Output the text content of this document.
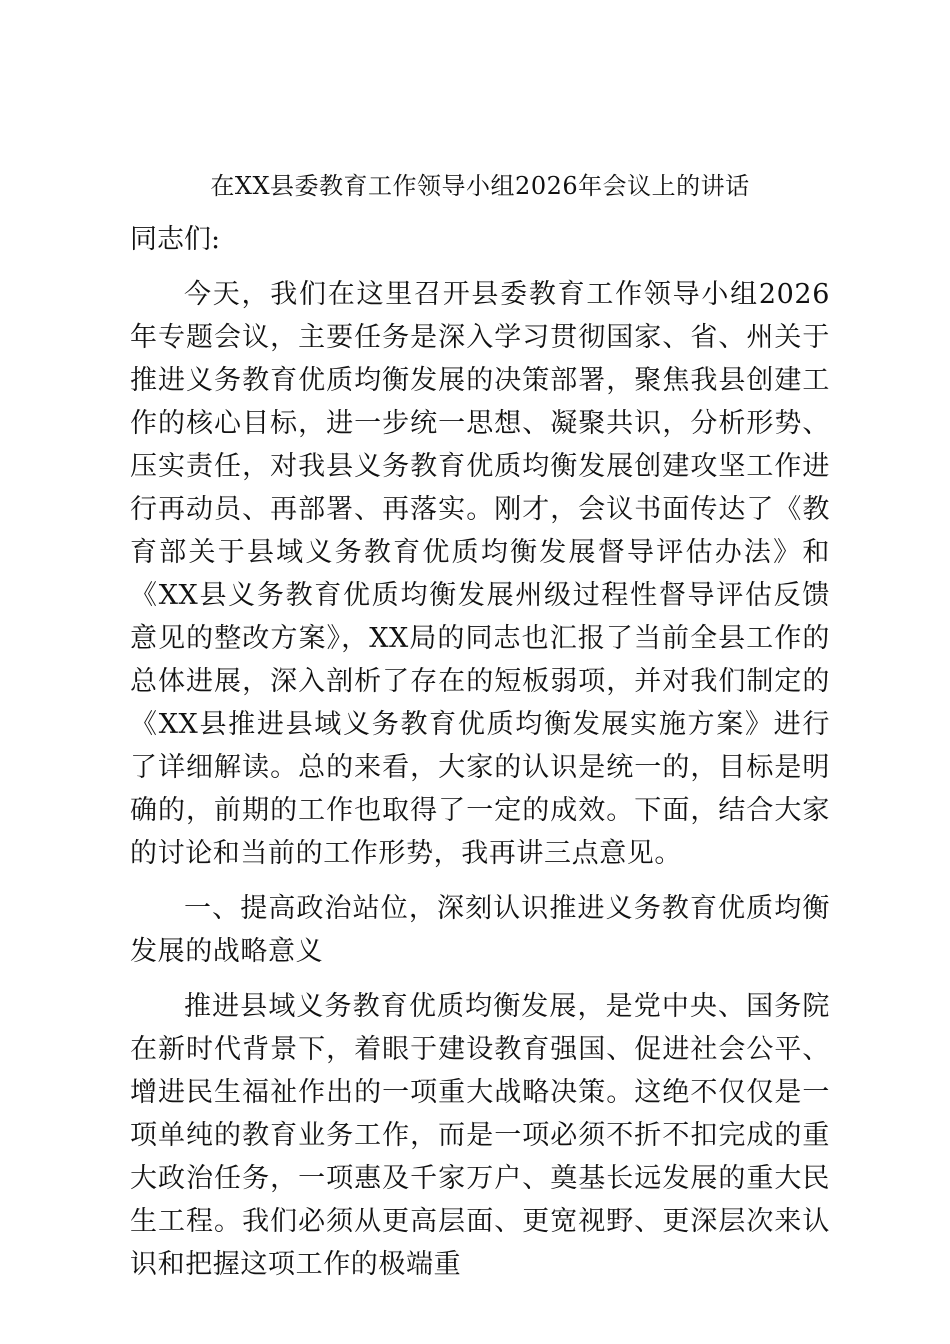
在XX县委教育工作领导小组2026年会议上的讲话
同志们:

今天，我们在这里召开县委教育工作领导小组2026年专题会议，主要任务是深入学习贯彻国家、省、州关于推进义务教育优质均衡发展的决策部署，聚焦我县创建工作的核心目标，进一步统一思想、凝聚共识，分析形势、压实责任，对我县义务教育优质均衡发展创建攻坚工作进行再动员、再部署、再落实。刚才，会议书面传达了《教育部关于县域义务教育优质均衡发展督导评估办法》和《XX县义务教育优质均衡发展州级过程性督导评估反馈意见的整改方案》，XX局的同志也汇报了当前全县工作的总体进展，深入剖析了存在的短板弱项，并对我们制定的《XX县推进县域义务教育优质均衡发展实施方案》进行了详细解读。总的来看，大家的认识是统一的，目标是明确的，前期的工作也取得了一定的成效。下面，结合大家的讨论和当前的工作形势，我再讲三点意见。

一、提高政治站位，深刻认识推进义务教育优质均衡发展的战略意义

推进县域义务教育优质均衡发展，是党中央、国务院在新时代背景下，着眼于建设教育强国、促进社会公平、增进民生福祉作出的一项重大战略决策。这绝不仅仅是一项单纯的教育业务工作，而是一项必须不折不扣完成的重大政治任务，一项惠及千家万户、奠基长远发展的重大民生工程。我们必须从更高层面、更宽视野、更深层次来认识和把握这项工作的极端重
